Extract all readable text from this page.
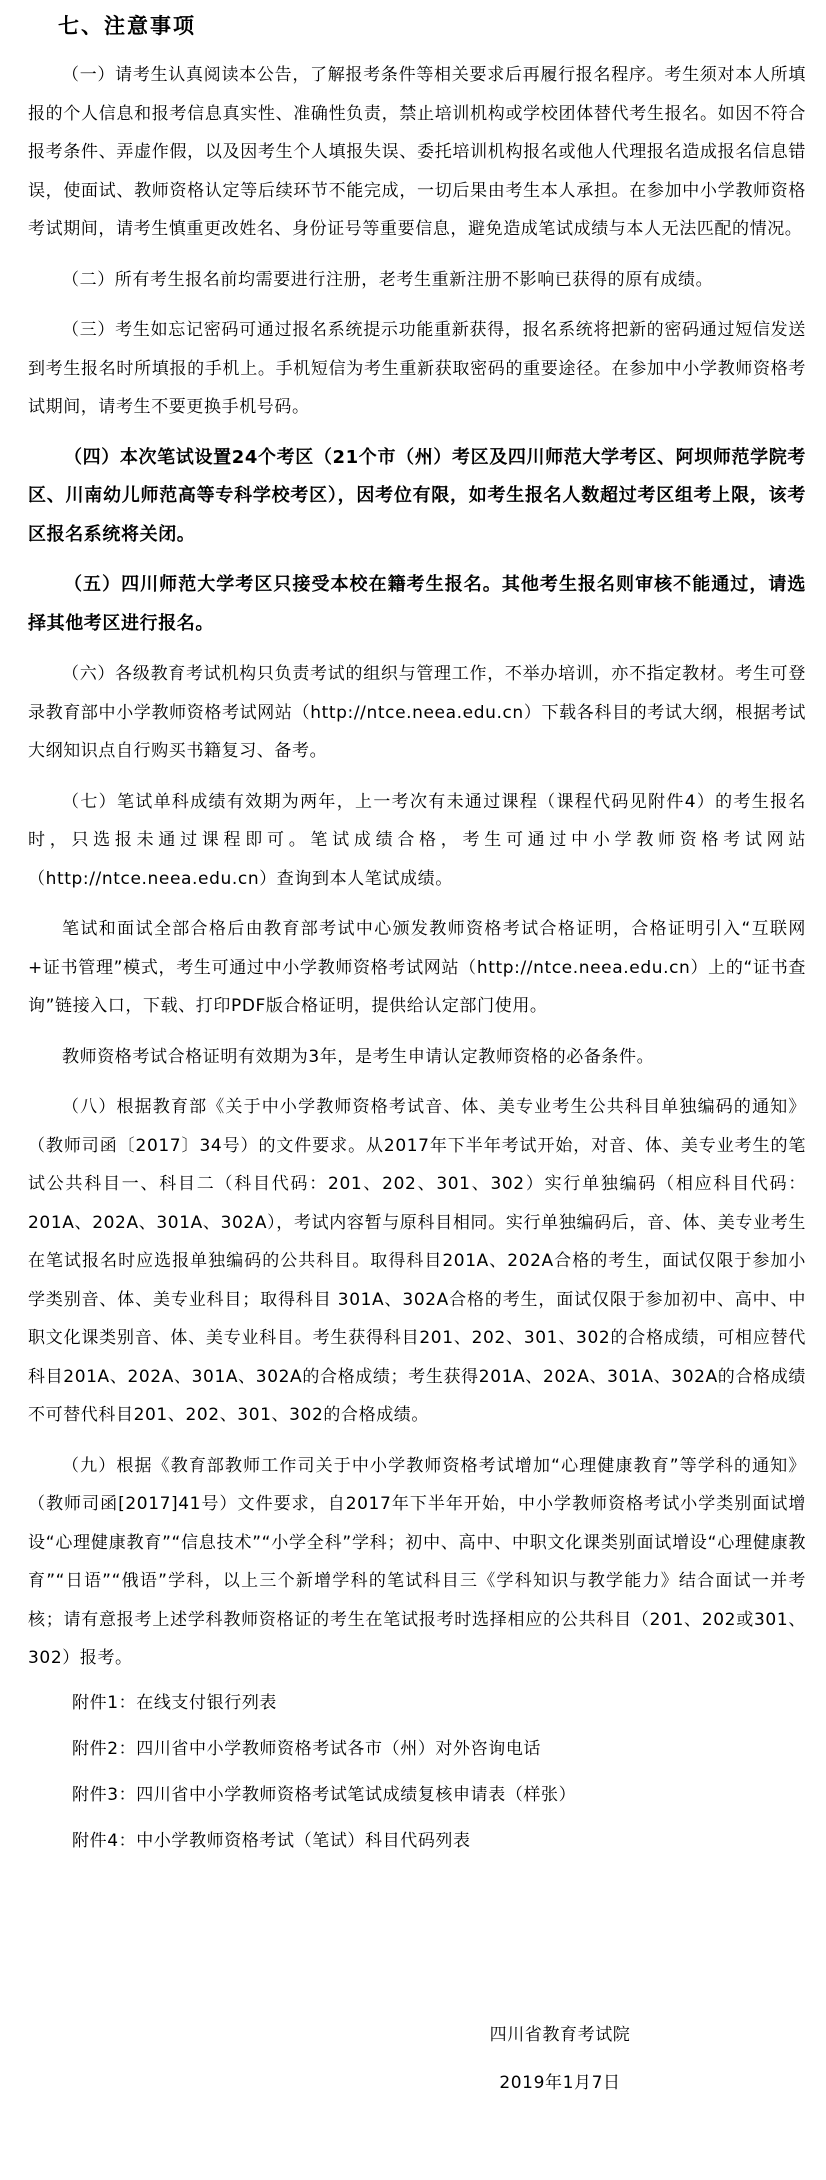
七、注意事项

（一）请考生认真阅读本公告，了解报考条件等相关要求后再履行报名程序。考生须对本人所填报的个人信息和报考信息真实性、准确性负责，禁止培训机构或学校团体替代考生报名。如因不符合报考条件、弄虚作假，以及因考生个人填报失误、委托培训机构报名或他人代理报名造成报名信息错误，使面试、教师资格认定等后续环节不能完成，一切后果由考生本人承担。在参加中小学教师资格考试期间，请考生慎重更改姓名、身份证号等重要信息，避免造成笔试成绩与本人无法匹配的情况。

（二）所有考生报名前均需要进行注册，老考生重新注册不影响已获得的原有成绩。

（三）考生如忘记密码可通过报名系统提示功能重新获得，报名系统将把新的密码通过短信发送到考生报名时所填报的手机上。手机短信为考生重新获取密码的重要途径。在参加中小学教师资格考试期间，请考生不要更换手机号码。

（四）本次笔试设置24个考区（21个市（州）考区及四川师范大学考区、阿坝师范学院考区、川南幼儿师范高等专科学校考区），因考位有限，如考生报名人数超过考区组考上限，该考区报名系统将关闭。

（五）四川师范大学考区只接受本校在籍考生报名。其他考生报名则审核不能通过，请选择其他考区进行报名。

（六）各级教育考试机构只负责考试的组织与管理工作，不举办培训，亦不指定教材。考生可登录教育部中小学教师资格考试网站（http://ntce.neea.edu.cn）下载各科目的考试大纲，根据考试大纲知识点自行购买书籍复习、备考。

（七）笔试单科成绩有效期为两年，上一考次有未通过课程（课程代码见附件4）的考生报名时，只选报未通过课程即可。笔试成绩合格，考生可通过中小学教师资格考试网站（http://ntce.neea.edu.cn）查询到本人笔试成绩。

笔试和面试全部合格后由教育部考试中心颁发教师资格考试合格证明，合格证明引入“互联网+证书管理”模式，考生可通过中小学教师资格考试网站（http://ntce.neea.edu.cn）上的“证书查询”链接入口，下载、打印PDF版合格证明，提供给认定部门使用。

教师资格考试合格证明有效期为3年，是考生申请认定教师资格的必备条件。

（八）根据教育部《关于中小学教师资格考试音、体、美专业考生公共科目单独编码的通知》（教师司函〔2017〕34号）的文件要求。从2017年下半年考试开始，对音、体、美专业考生的笔试公共科目一、科目二（科目代码：201、202、301、302）实行单独编码（相应科目代码：201A、202A、301A、302A），考试内容暂与原科目相同。实行单独编码后，音、体、美专业考生在笔试报名时应选报单独编码的公共科目。取得科目201A、202A合格的考生，面试仅限于参加小学类别音、体、美专业科目；取得科目 301A、302A合格的考生，面试仅限于参加初中、高中、中职文化课类别音、体、美专业科目。考生获得科目201、202、301、302的合格成绩，可相应替代科目201A、202A、301A、302A的合格成绩；考生获得201A、202A、301A、302A的合格成绩不可替代科目201、202、301、302的合格成绩。

（九）根据《教育部教师工作司关于中小学教师资格考试增加“心理健康教育”等学科的通知》（教师司函[2017]41号）文件要求，自2017年下半年开始，中小学教师资格考试小学类别面试增设“心理健康教育”“信息技术”“小学全科”学科；初中、高中、中职文化课类别面试增设“心理健康教育”“日语”“俄语”学科，以上三个新增学科的笔试科目三《学科知识与教学能力》结合面试一并考核；请有意报考上述学科教师资格证的考生在笔试报考时选择相应的公共科目（201、202或301、302）报考。

附件1：在线支付银行列表
附件2：四川省中小学教师资格考试各市（州）对外咨询电话
附件3：四川省中小学教师资格考试笔试成绩复核申请表（样张）
附件4：中小学教师资格考试（笔试）科目代码列表
四川省教育考试院
2019年1月7日
